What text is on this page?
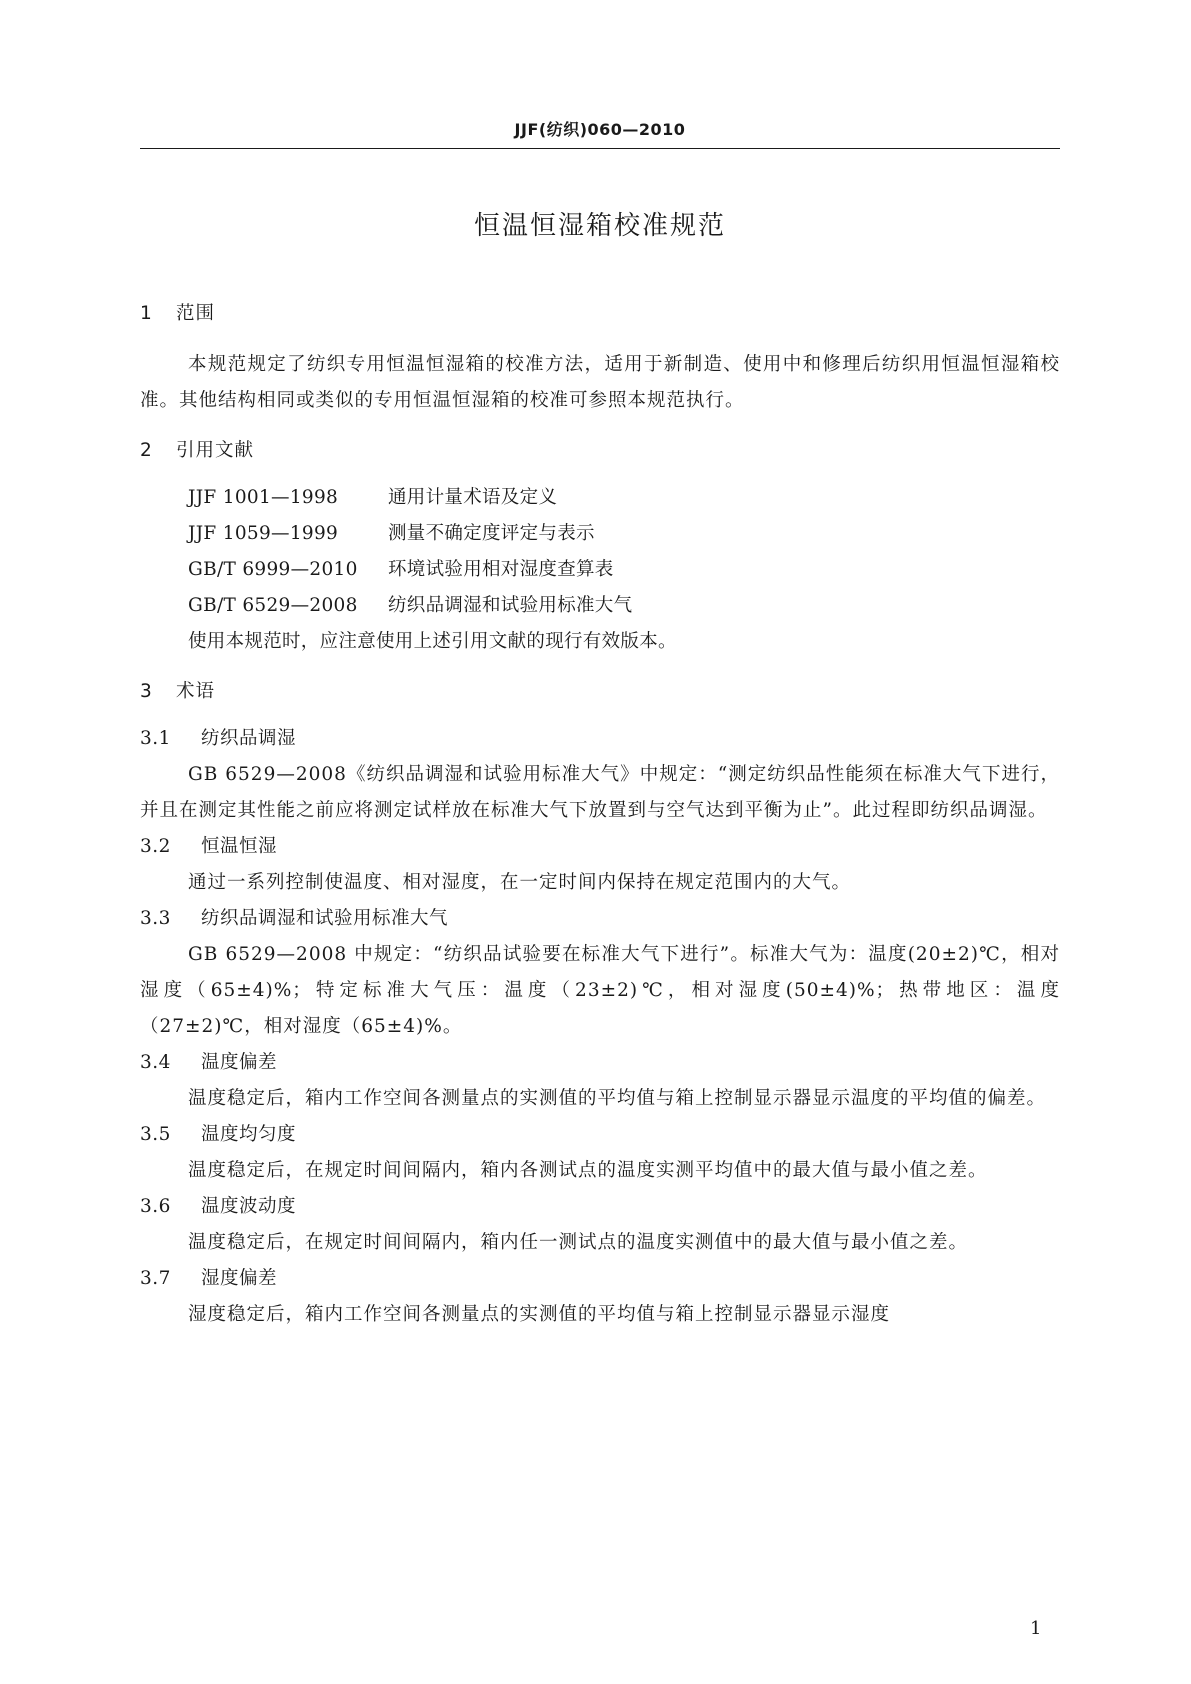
JJF(纺织)060—2010
恒温恒湿箱校准规范
1 范围
本规范规定了纺织专用恒温恒湿箱的校准方法，适用于新制造、使用中和修理后纺织用恒温恒湿箱校准。其他结构相同或类似的专用恒温恒湿箱的校准可参照本规范执行。
2 引用文献
JJF 1001—1998	通用计量术语及定义
JJF 1059—1999	测量不确定度评定与表示
GB/T 6999—2010 环境试验用相对湿度查算表
GB/T 6529—2008 纺织品调湿和试验用标准大气
使用本规范时，应注意使用上述引用文献的现行有效版本。
3 术语
3.1 纺织品调湿
GB 6529—2008《纺织品调湿和试验用标准大气》中规定：“测定纺织品性能须在标准大气下进行，并且在测定其性能之前应将测定试样放在标准大气下放置到与空气达到平衡为止”。此过程即纺织品调湿。
3.2 恒温恒湿
通过一系列控制使温度、相对湿度，在一定时间内保持在规定范围内的大气。
3.3 纺织品调湿和试验用标准大气
GB 6529—2008 中规定：“纺织品试验要在标准大气下进行”。标准大气为：温度(20±2)℃，相对湿度（65±4)%；特定标准大气压：温度（23±2)℃，相对湿度(50±4)%；热带地区：温度（27±2)℃，相对湿度（65±4)%。
3.4 温度偏差
温度稳定后，箱内工作空间各测量点的实测值的平均值与箱上控制显示器显示温度的平均值的偏差。
3.5 温度均匀度
温度稳定后，在规定时间间隔内，箱内各测试点的温度实测平均值中的最大值与最小值之差。
3.6 温度波动度
温度稳定后，在规定时间间隔内，箱内任一测试点的温度实测值中的最大值与最小值之差。
3.7 湿度偏差
湿度稳定后，箱内工作空间各测量点的实测值的平均值与箱上控制显示器显示湿度
1
